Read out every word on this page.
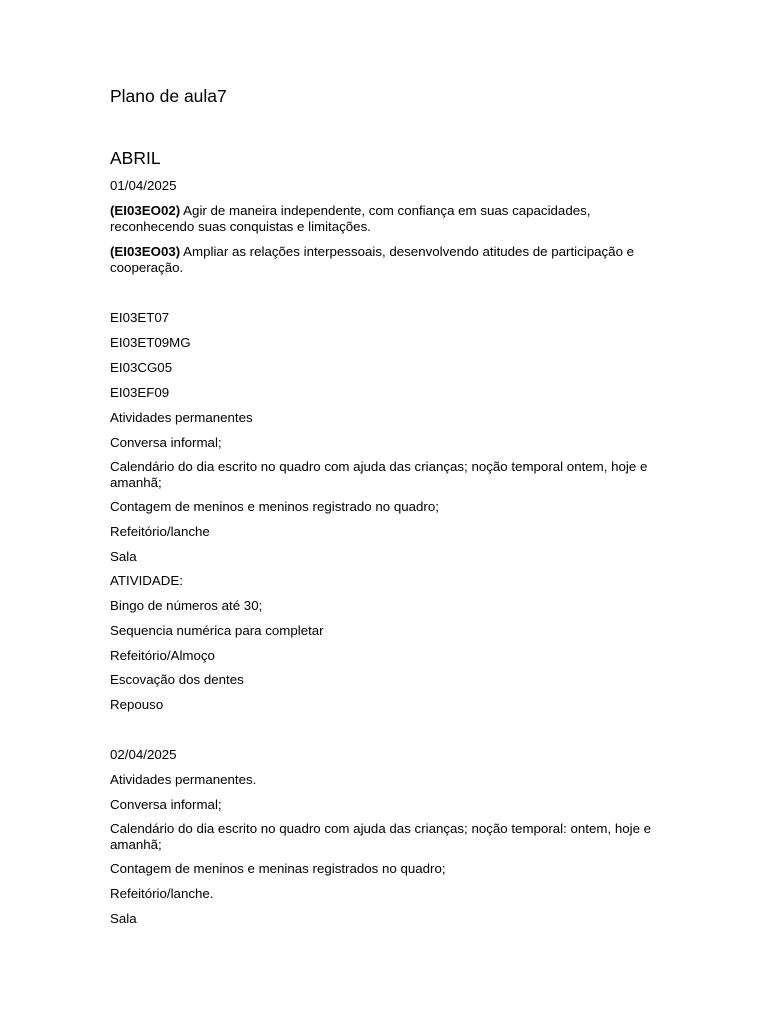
Plano de aula7
ABRIL
01/04/2025
(EI03EO02) Agir de maneira independente, com confiança em suas capacidades, reconhecendo suas conquistas e limitações.
(EI03EO03) Ampliar as relações interpessoais, desenvolvendo atitudes de participação e cooperação.
EI03ET07
EI03ET09MG
EI03CG05
EI03EF09
Atividades permanentes
Conversa informal;
Calendário do dia escrito no quadro com ajuda das crianças; noção temporal ontem, hoje e amanhã;
Contagem de meninos e meninos registrado no quadro;
Refeitório/lanche
Sala
ATIVIDADE:
Bingo de números até 30;
Sequencia numérica para completar
Refeitório/Almoço
Escovação dos dentes
Repouso
02/04/2025
Atividades permanentes.
Conversa informal;
Calendário do dia escrito no quadro com ajuda das crianças; noção temporal: ontem, hoje e amanhã;
Contagem de meninos e meninas registrados no quadro;
Refeitório/lanche.
Sala
